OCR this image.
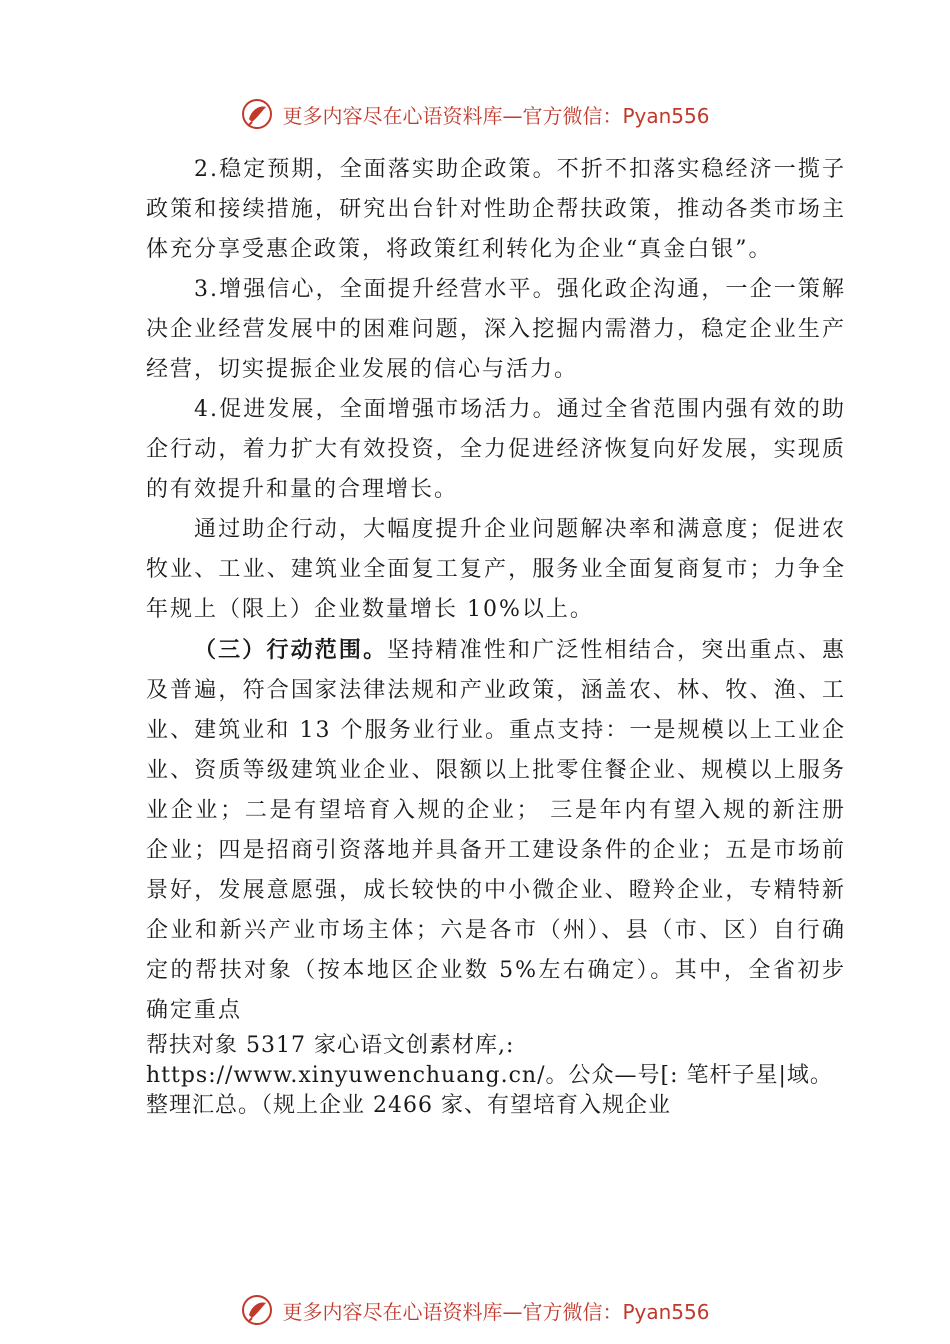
更多内容尽在心语资料库—官方微信：Pyan556

2.稳定预期，全面落实助企政策。不折不扣落实稳经济一揽子政策和接续措施，研究出台针对性助企帮扶政策，推动各类市场主体充分享受惠企政策，将政策红利转化为企业“真金白银”。

3.增强信心，全面提升经营水平。强化政企沟通，一企一策解决企业经营发展中的困难问题，深入挖掘内需潜力，稳定企业生产经营，切实提振企业发展的信心与活力。

4.促进发展，全面增强市场活力。通过全省范围内强有效的助企行动，着力扩大有效投资，全力促进经济恢复向好发展，实现质的有效提升和量的合理增长。

通过助企行动，大幅度提升企业问题解决率和满意度；促进农牧业、工业、建筑业全面复工复产，服务业全面复商复市；力争全年规上（限上）企业数量增长 10%以上。

（三）行动范围。坚持精准性和广泛性相结合，突出重点、惠及普遍，符合国家法律法规和产业政策，涵盖农、林、牧、渔、工业、建筑业和 13 个服务业行业。重点支持：一是规模以上工业企业、资质等级建筑业企业、限额以上批零住餐企业、规模以上服务业企业；二是有望培育入规的企业； 三是年内有望入规的新注册企业；四是招商引资落地并具备开工建设条件的企业；五是市场前景好，发展意愿强，成长较快的中小微企业、瞪羚企业，专精特新企业和新兴产业市场主体；六是各市（州）、县（市、区）自行确定的帮扶对象（按本地区企业数 5%左右确定）。其中，全省初步确定重点

帮扶对象 5317 家心语文创素材库,:

https://www.xinyuwenchuang.cn/。公众—号[: 笔杆子星|域。

整理汇总。（规上企业 2466 家、有望培育入规企业

更多内容尽在心语资料库—官方微信：Pyan556
